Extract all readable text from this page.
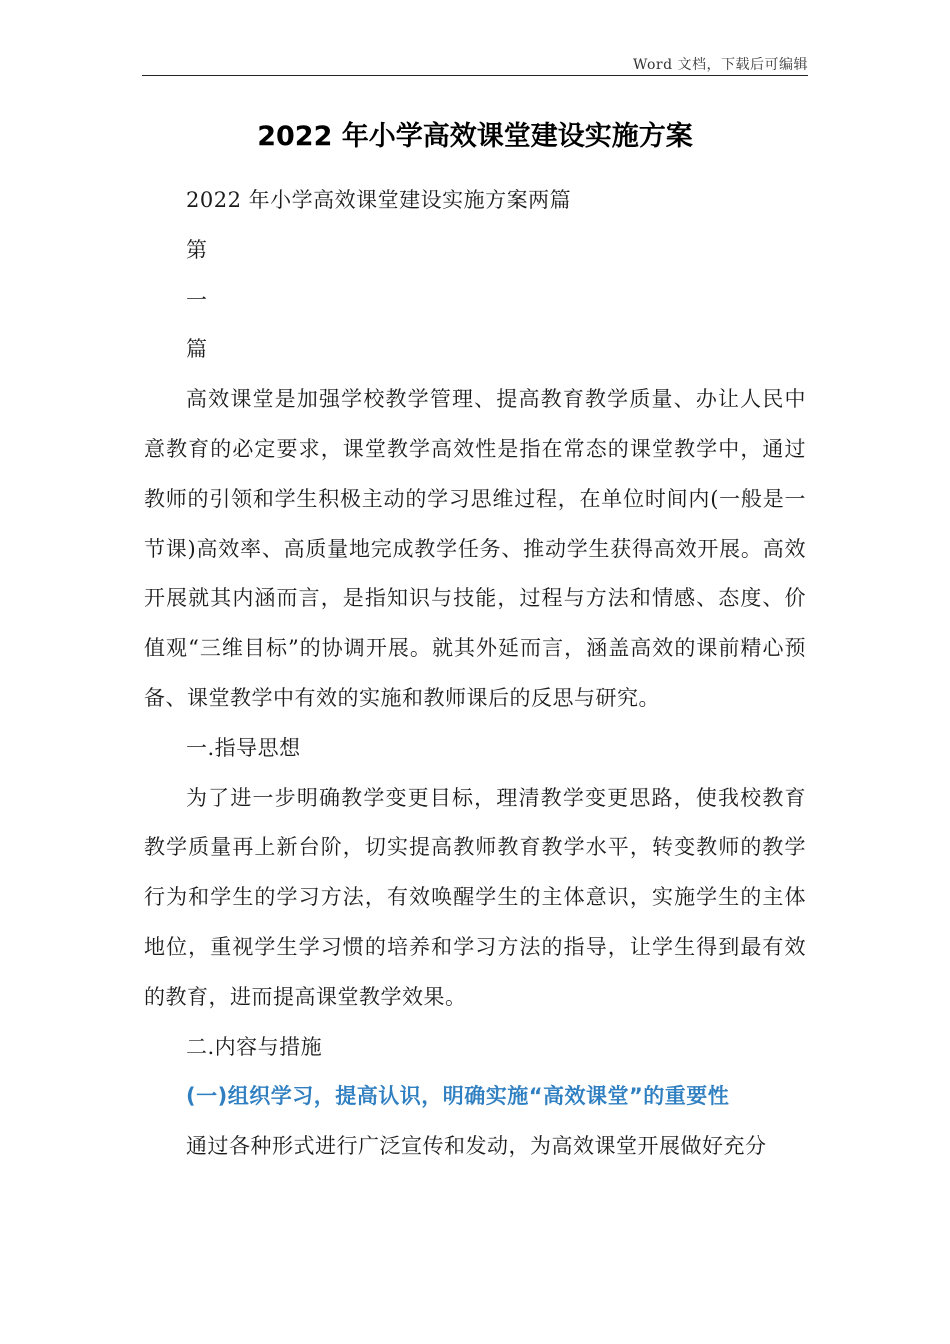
Word 文档，下载后可编辑
2022 年小学高效课堂建设实施方案

2022 年小学高效课堂建设实施方案两篇

第

一

篇

高效课堂是加强学校教学管理、提高教育教学质量、办让人民中意教育的必定要求，课堂教学高效性是指在常态的课堂教学中，通过教师的引领和学生积极主动的学习思维过程，在单位时间内(一般是一节课)高效率、高质量地完成教学任务、推动学生获得高效开展。高效开展就其内涵而言，是指知识与技能，过程与方法和情感、态度、价值观“三维目标”的协调开展。就其外延而言，涵盖高效的课前精心预备、课堂教学中有效的实施和教师课后的反思与研究。

一.指导思想

为了进一步明确教学变更目标，理清教学变更思路，使我校教育教学质量再上新台阶，切实提高教师教育教学水平，转变教师的教学行为和学生的学习方法，有效唤醒学生的主体意识，实施学生的主体地位，重视学生学习惯的培养和学习方法的指导，让学生得到最有效的教育，进而提高课堂教学效果。

二.内容与措施

(一)组织学习，提高认识，明确实施“高效课堂”的重要性

通过各种形式进行广泛宣传和发动，为高效课堂开展做好充分
